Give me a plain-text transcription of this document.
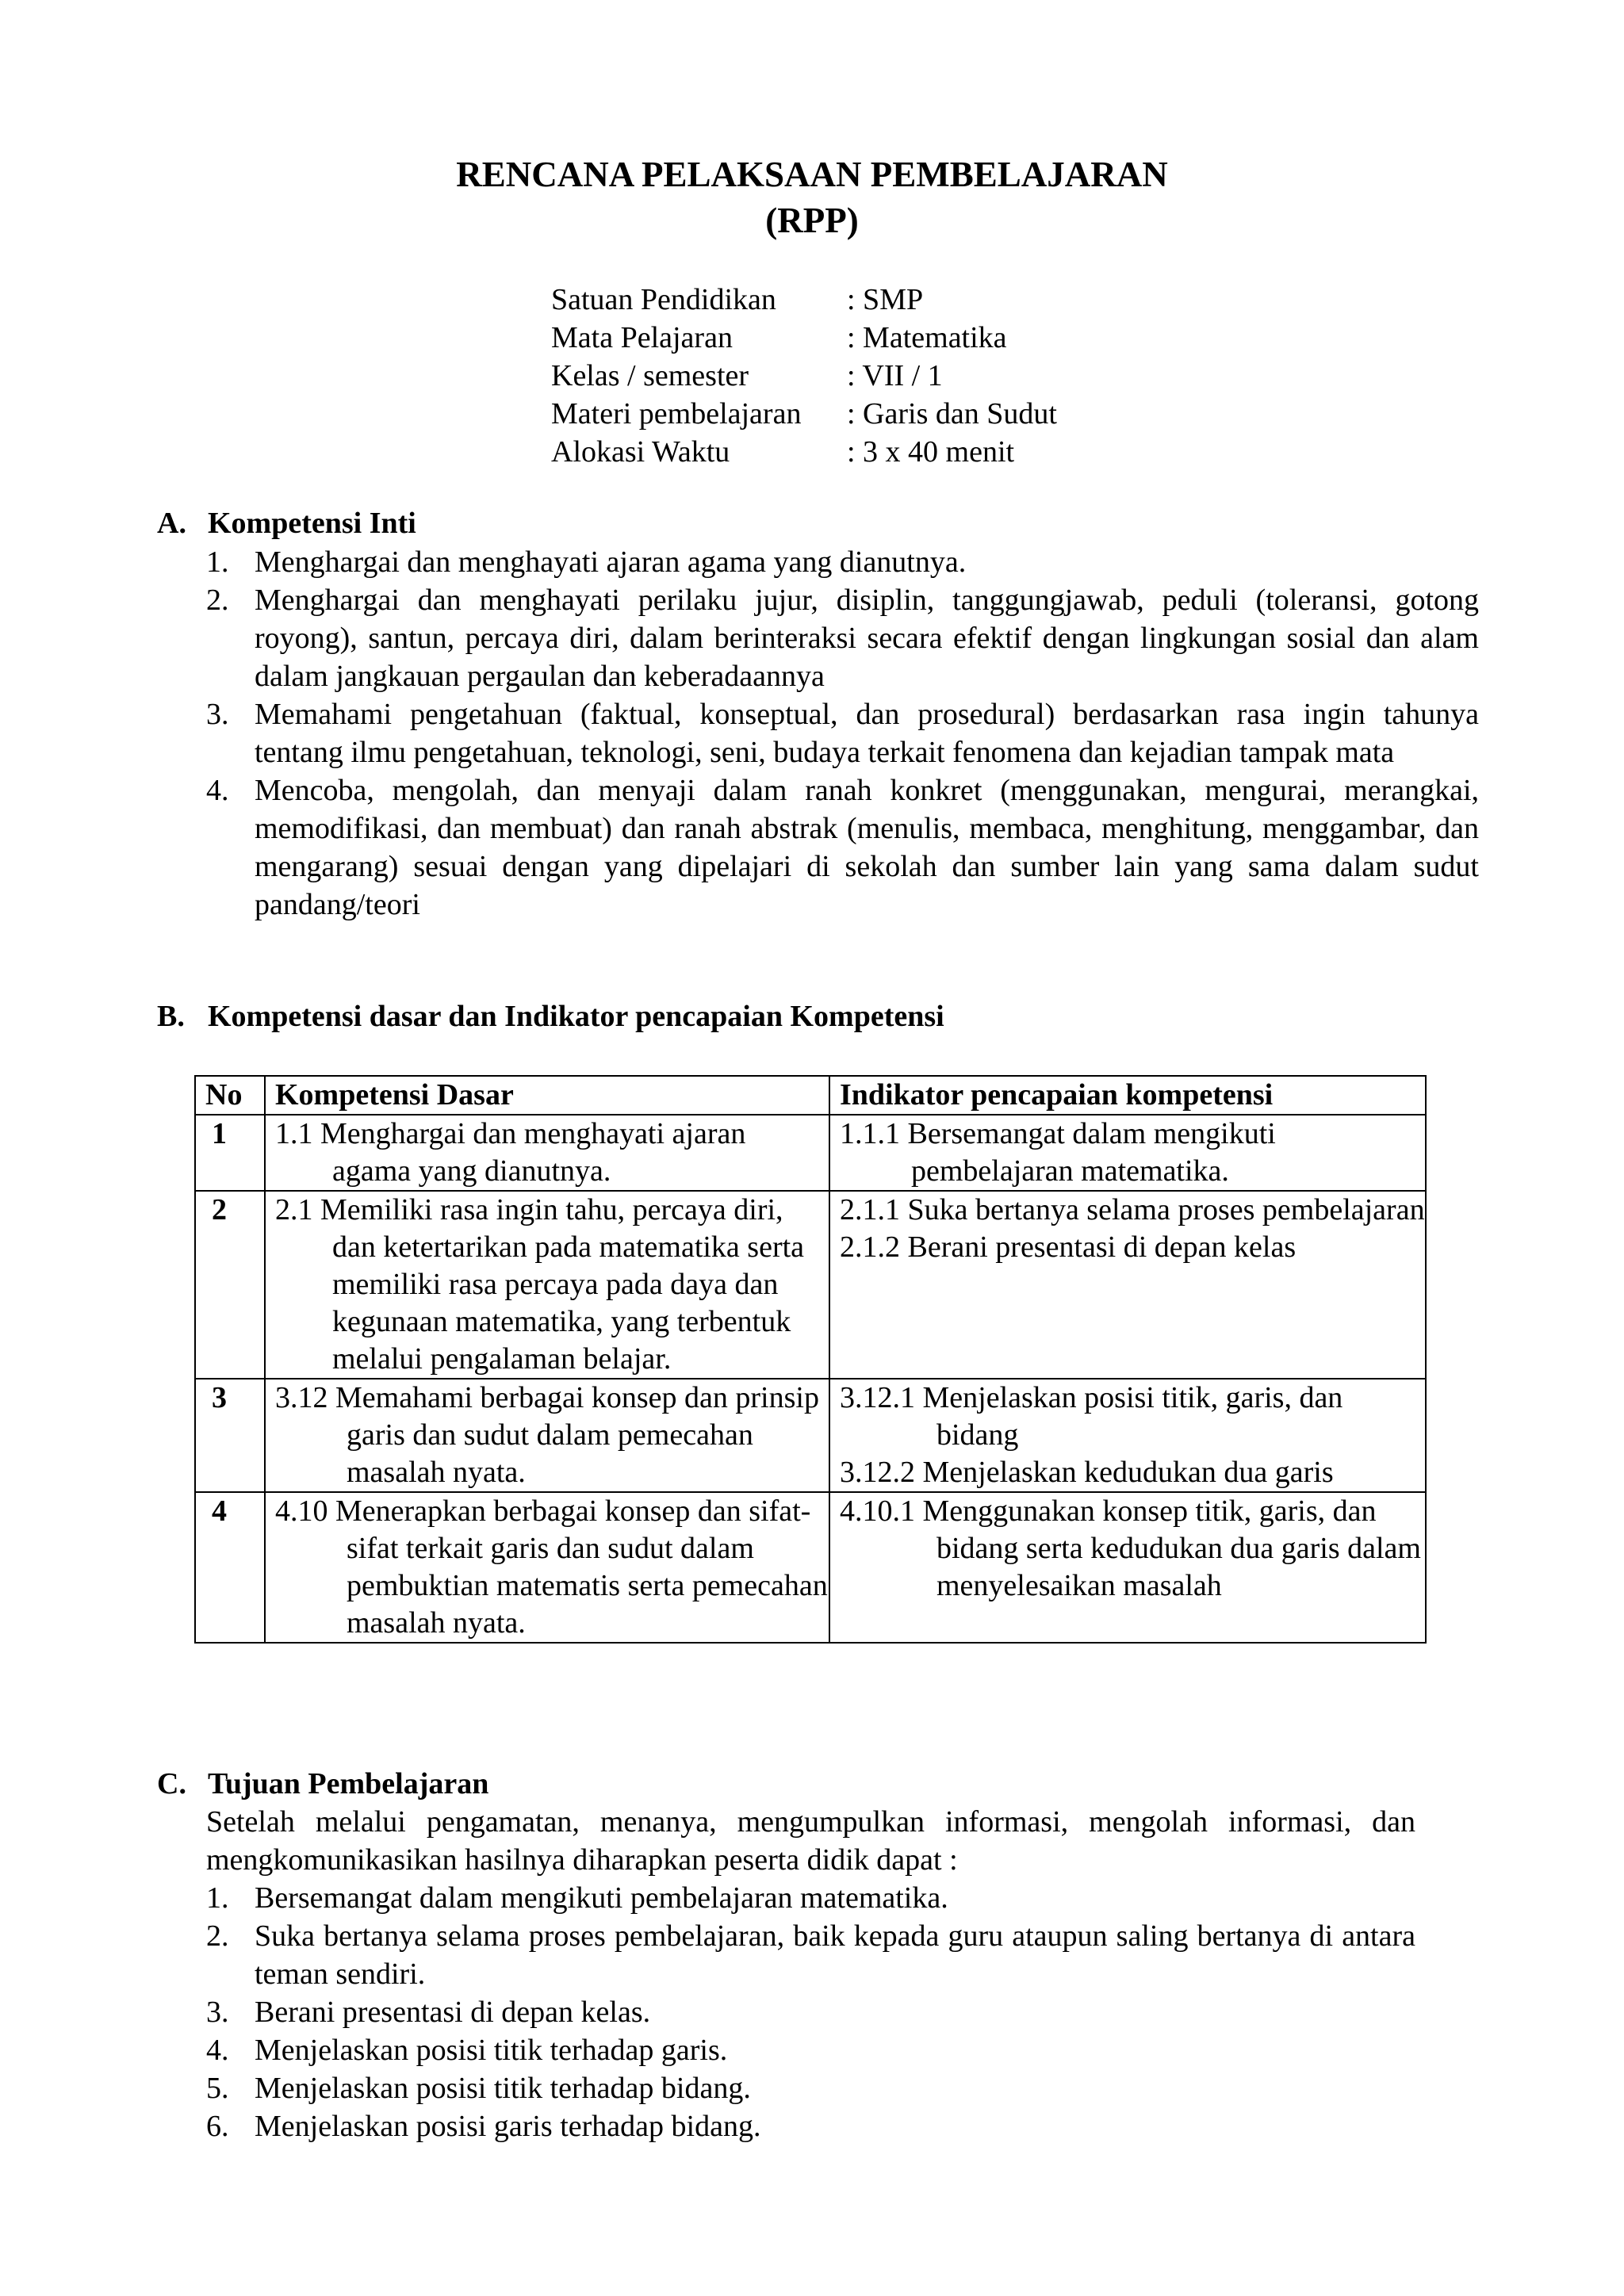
RENCANA PELAKSAAN PEMBELAJARAN
(RPP)
Satuan Pendidikan : SMP
Mata Pelajaran	: Matematika
Kelas / semester	: VII / 1
Materi pembelajaran : Garis dan Sudut
Alokasi Waktu	: 3 x 40 menit
A. Kompetensi Inti
1. Menghargai dan menghayati ajaran agama yang dianutnya.
2. Menghargai dan menghayati perilaku jujur, disiplin, tanggungjawab, peduli (toleransi, gotong royong), santun, percaya diri, dalam berinteraksi secara efektif dengan lingkungan sosial dan alam dalam jangkauan pergaulan dan keberadaannya
3. Memahami pengetahuan (faktual, konseptual, dan prosedural) berdasarkan rasa ingin tahunya tentang ilmu pengetahuan, teknologi, seni, budaya terkait fenomena dan kejadian tampak mata
4. Mencoba, mengolah, dan menyaji dalam ranah konkret (menggunakan, mengurai, merangkai, memodifikasi, dan membuat) dan ranah abstrak (menulis, membaca, menghitung, menggambar, dan mengarang) sesuai dengan yang dipelajari di sekolah dan sumber lain yang sama dalam sudut pandang/teori
B. Kompetensi dasar dan Indikator pencapaian Kompetensi
No	Kompetensi Dasar	Indikator pencapaian kompetensi
1	1.1 Menghargai dan menghayati ajaran agama yang dianutnya.	1.1.1 Bersemangat dalam mengikuti pembelajaran matematika.

2	2.1 Memiliki rasa ingin tahu, percaya diri, dan ketertarikan pada matematika serta memiliki rasa percaya pada daya dan kegunaan matematika, yang terbentuk melalui pengalaman belajar.	2.1.1 Suka bertanya selama proses pembelajaran
2.1.2 Berani presentasi di depan kelas

3	3.12 Memahami berbagai konsep dan prinsip garis dan sudut dalam pemecahan masalah nyata.	3.12.1 Menjelaskan posisi titik, garis, dan bidang
3.12.2 Menjelaskan kedudukan dua garis

4	4.10 Menerapkan berbagai konsep dan sifat-sifat terkait garis dan sudut dalam pembuktian matematis serta pemecahan masalah nyata.	4.10.1 Menggunakan konsep titik, garis, dan bidang serta kedudukan dua garis dalam menyelesaikan masalah
C. Tujuan Pembelajaran
Setelah melalui pengamatan, menanya, mengumpulkan informasi, mengolah informasi, dan mengkomunikasikan hasilnya diharapkan peserta didik dapat :
1. Bersemangat dalam mengikuti pembelajaran matematika.
2. Suka bertanya selama proses pembelajaran, baik kepada guru ataupun saling bertanya di antara teman sendiri.
3. Berani presentasi di depan kelas.
4. Menjelaskan posisi titik terhadap garis.
5. Menjelaskan posisi titik terhadap bidang.
6. Menjelaskan posisi garis terhadap bidang.
